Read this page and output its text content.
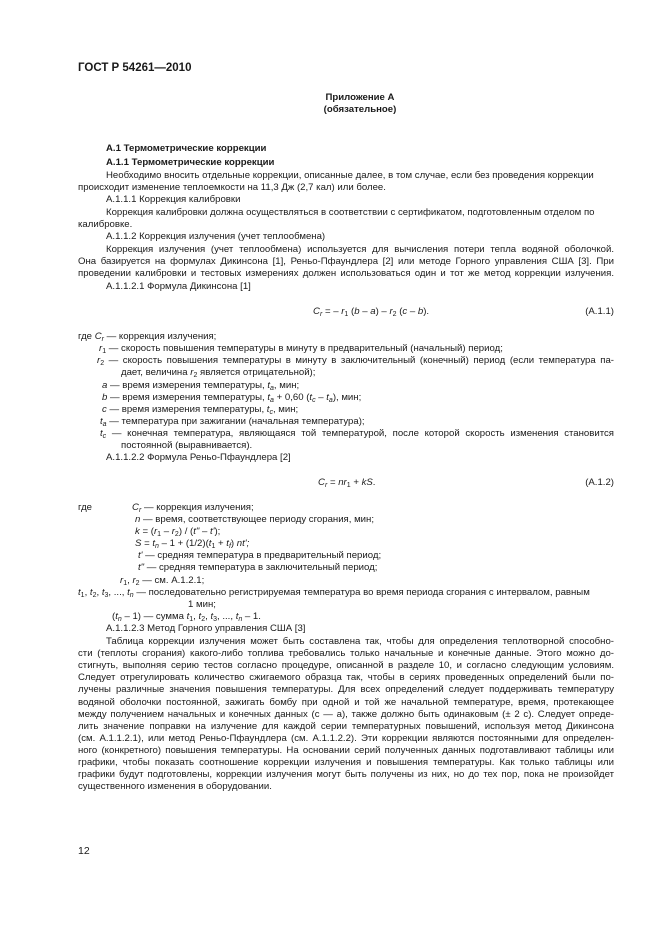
ГОСТ Р 54261—2010
Приложение А
(обязательное)
А.1 Термометрические коррекции
А.1.1 Термометрические коррекции
Необходимо вносить отдельные коррекции, описанные далее, в том случае, если без проведения коррекции
происходит изменение теплоемкости на 11,3 Дж (2,7 кал) или более.
А.1.1.1 Коррекция калибровки
Коррекция калибровки должна осуществляться в соответствии с сертификатом, подготовленным отделом по
калибровке.
А.1.1.2 Коррекция излучения (учет теплообмена)
Коррекция излучения (учет теплообмена) используется для вычисления потери тепла водяной оболочкой.
Она базируется на формулах Дикинсона [1], Реньо-Пфаундлера [2] или методе Горного управления США [3]. При
проведении калибровки и тестовых измерениях должен использоваться один и тот же метод коррекции излучения.
А.1.1.2.1 Формула Дикинсона [1]
$C_r$ = – $r_1$ $(b - a) - r_2$ (c – b).	(А.1.1)
где $C_r$ — коррекция излучения;
$r_1$ — скорость повышения температуры в минуту в предварительный (начальный) период;
$r_2$ — скорость повышения температуры в минуту в заключительный (конечный) период (если температура па-
дает, величина $r_2$ является отрицательной);
a — время измерения температуры, $t_a$, мин;
b — время измерения температуры, $t_a + 0,60$ $(t_c - t_a)$, мин;
c — время измерения температуры, $t_c$, мин;
$t_a$ — температура при зажигании (начальная температура);
$t_c$ — конечная температура, являющаяся той температурой, после которой скорость изменения становится
постоянной (выравнивается).
А.1.1.2.2 Формула Реньо-Пфаундлера [2]
$C_r = nr_1$ + kS.	(А.1.2)
где	$C_r$ — коррекция излучения;
n — время, соответствующее периоду сгорания, мин;
$k = (r_1 - r_2) / (t$" – t');
$S = t_n - 1 + (1/2)(t_1 + t_f)$ nt';
t' — средняя температура в предварительный период;
t" — средняя температура в заключительный период;
$r_1$, $r_2$ — см. А.1.2.1;
$t_1$, $t_2$, $t_3$, ..., $t_n$ — последовательно регистрируемая температура во время периода сгорания с интервалом, равным
1 мин;
$(t_n - 1)$ — сумма $t_1$, $t_2$, $t_3$, ..., $t_n - 1$.
А.1.1.2.3 Метод Горного управления США [3]
Таблица коррекции излучения может быть составлена так, чтобы для определения теплотворной способно-
сти (теплоты сгорания) какого-либо топлива требовались только начальные и конечные данные. Этого можно до-
стигнуть, выполняя серию тестов согласно процедуре, описанной в разделе 10, и согласно следующим условиям.
Следует отрегулировать количество сжигаемого образца так, чтобы в сериях проведенных определений были по-
лучены различные значения повышения температуры. Для всех определений следует поддерживать температуру
водяной оболочки постоянной, зажигать бомбу при одной и той же начальной температуре, время, протекающее
между получением начальных и конечных данных (с — а), также должно быть одинаковым (± 2 с). Следует опреде-
лить значение поправки на излучение для каждой серии температурных повышений, используя метод Дикинсона
(см. А.1.1.2.1), или метод Реньо-Пфаундлера (см. А.1.1.2.2). Эти коррекции являются постоянными для определен-
ного (конкретного) повышения температуры. На основании серий полученных данных подготавливают таблицы или
графики, чтобы показать соотношение коррекции излучения и повышения температуры. Как только таблицы или
графики будут подготовлены, коррекции излучения могут быть получены из них, но до тех пор, пока не произойдет
существенного изменения в оборудовании.
12
